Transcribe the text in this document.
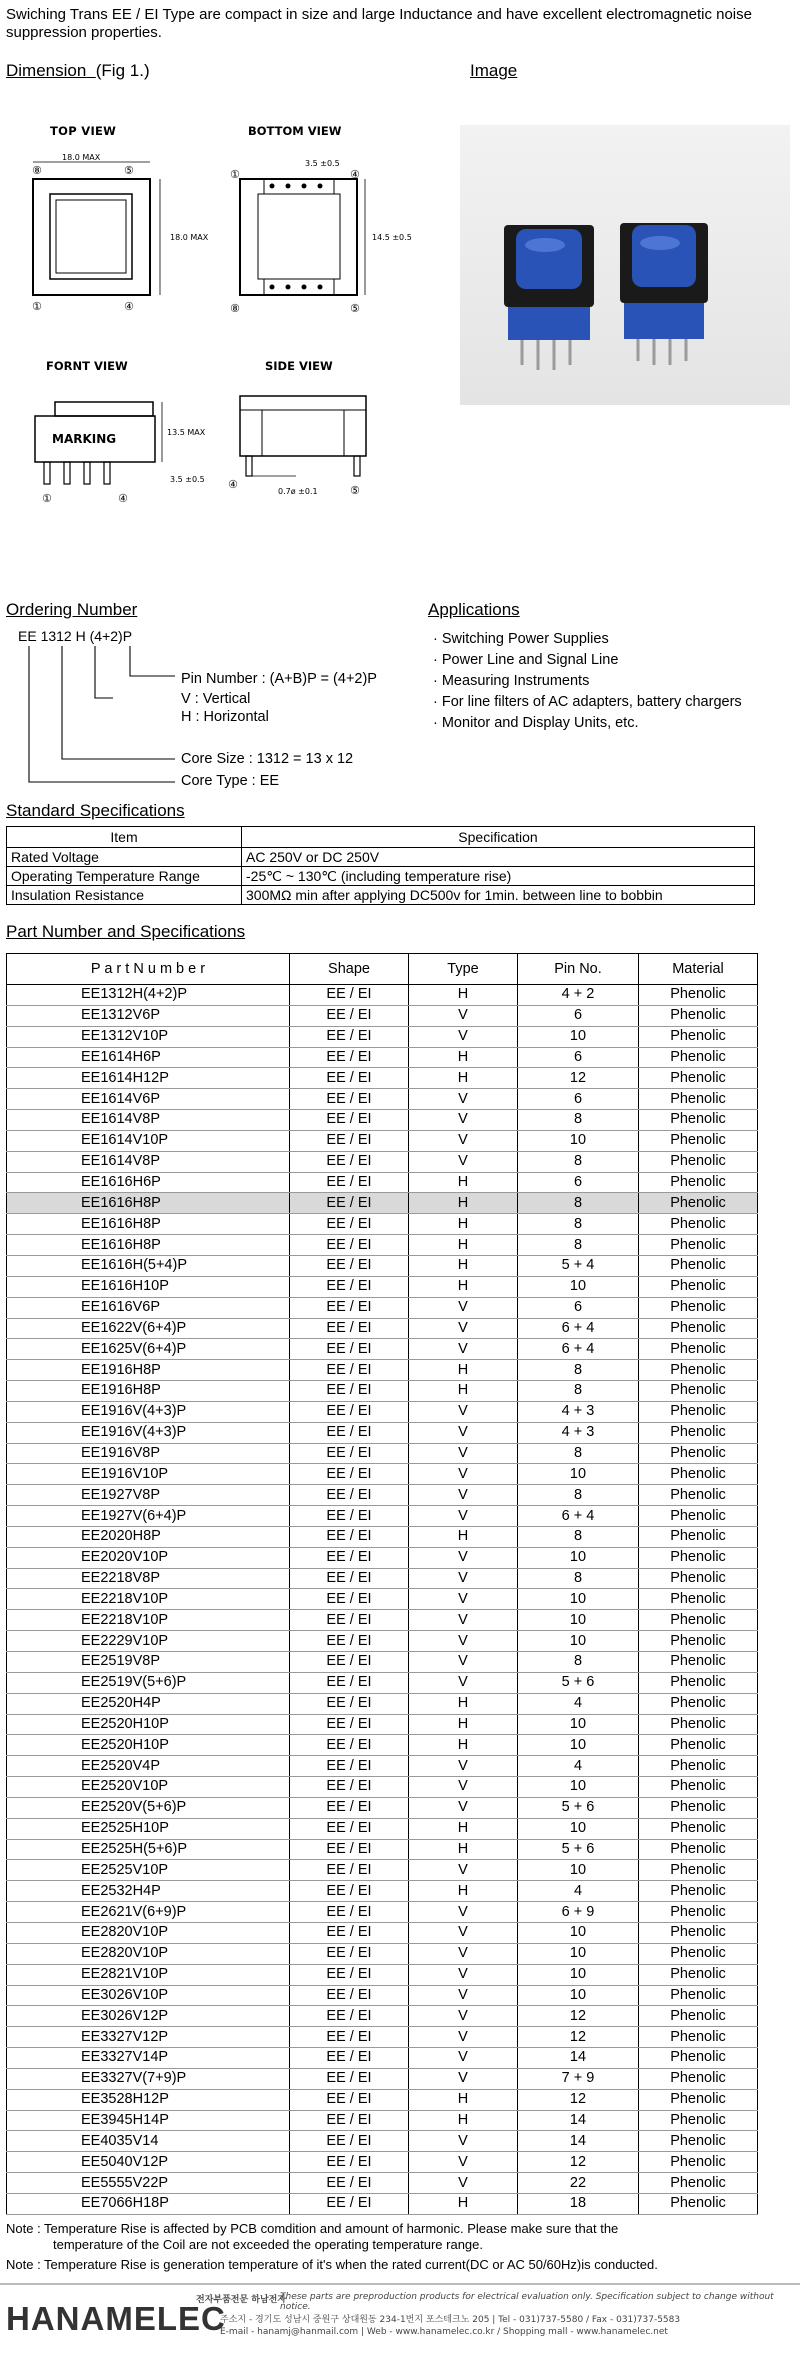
Swiching Trans EE / EI Type are compact in size and large Inductance and have excellent electromagnetic noise suppression properties.
Dimension (Fig 1.)	Image
TOP VIEW
18.0 MAX
18.0 MAX
⑧	⑤
①	④
BOTTOM VIEW
3.5 ±0.5
14.5 ±0.5
①	④
⑧	⑤
FORNT VIEW
MARKING	13.5 MAX
3.5 ±0.5
①	④
SIDE VIEW
0.7ø ±0.1
④	⑤
Ordering Number
EE 1312 H (4+2)P
Pin Number : (A+B)P = (4+2)P
V : Vertical
H : Horizontal
Core Size : 1312 = 13 x 12
Core Type : EE
Applications
· Switching Power Supplies
· Power Line and Signal Line
· Measuring Instruments
· For line filters of AC adapters, battery chargers
· Monitor and Display Units, etc.
Standard Specifications
Item	Specification
Rated Voltage	AC 250V or DC 250V
Operating Temperature Range	-25℃ ~ 130℃ (including temperature rise)
Insulation Resistance	300MΩ min after applying DC500v for 1min. between line to bobbin
Part Number and Specifications
P a r t N u m b e r	Shape	Type	Pin No.	Material
EE1312H(4+2)P	EE / EI	H	4 + 2	Phenolic
EE1312V6P	EE / EI	V	6	Phenolic
EE1312V10P	EE / EI	V	10	Phenolic
EE1614H6P	EE / EI	H	6	Phenolic
EE1614H12P	EE / EI	H	12	Phenolic
EE1614V6P	EE / EI	V	6	Phenolic
EE1614V8P	EE / EI	V	8	Phenolic
EE1614V10P	EE / EI	V	10	Phenolic
EE1614V8P	EE / EI	V	8	Phenolic
EE1616H6P	EE / EI	H	6	Phenolic
EE1616H8P	EE / EI	H	8	Phenolic
EE1616H8P	EE / EI	H	8	Phenolic
EE1616H8P	EE / EI	H	8	Phenolic
EE1616H(5+4)P	EE / EI	H	5 + 4	Phenolic
EE1616H10P	EE / EI	H	10	Phenolic
EE1616V6P	EE / EI	V	6	Phenolic
EE1622V(6+4)P	EE / EI	V	6 + 4	Phenolic
EE1625V(6+4)P	EE / EI	V	6 + 4	Phenolic
EE1916H8P	EE / EI	H	8	Phenolic
EE1916H8P	EE / EI	H	8	Phenolic
EE1916V(4+3)P	EE / EI	V	4 + 3	Phenolic
EE1916V(4+3)P	EE / EI	V	4 + 3	Phenolic
EE1916V8P	EE / EI	V	8	Phenolic
EE1916V10P	EE / EI	V	10	Phenolic
EE1927V8P	EE / EI	V	8	Phenolic
EE1927V(6+4)P	EE / EI	V	6 + 4	Phenolic
EE2020H8P	EE / EI	H	8	Phenolic
EE2020V10P	EE / EI	V	10	Phenolic
EE2218V8P	EE / EI	V	8	Phenolic
EE2218V10P	EE / EI	V	10	Phenolic
EE2218V10P	EE / EI	V	10	Phenolic
EE2229V10P	EE / EI	V	10	Phenolic
EE2519V8P	EE / EI	V	8	Phenolic
EE2519V(5+6)P	EE / EI	V	5 + 6	Phenolic
EE2520H4P	EE / EI	H	4	Phenolic
EE2520H10P	EE / EI	H	10	Phenolic
EE2520H10P	EE / EI	H	10	Phenolic
EE2520V4P	EE / EI	V	4	Phenolic
EE2520V10P	EE / EI	V	10	Phenolic
EE2520V(5+6)P	EE / EI	V	5 + 6	Phenolic
EE2525H10P	EE / EI	H	10	Phenolic
EE2525H(5+6)P	EE / EI	H	5 + 6	Phenolic
EE2525V10P	EE / EI	V	10	Phenolic
EE2532H4P	EE / EI	H	4	Phenolic
EE2621V(6+9)P	EE / EI	V	6 + 9	Phenolic
EE2820V10P	EE / EI	V	10	Phenolic
EE2820V10P	EE / EI	V	10	Phenolic
EE2821V10P	EE / EI	V	10	Phenolic
EE3026V10P	EE / EI	V	10	Phenolic
EE3026V12P	EE / EI	V	12	Phenolic
EE3327V12P	EE / EI	V	12	Phenolic
EE3327V14P	EE / EI	V	14	Phenolic
EE3327V(7+9)P	EE / EI	V	7 + 9	Phenolic
EE3528H12P	EE / EI	H	12	Phenolic
EE3945H14P	EE / EI	H	14	Phenolic
EE4035V14	EE / EI	V	14	Phenolic
EE5040V12P	EE / EI	V	12	Phenolic
EE5555V22P	EE / EI	V	22	Phenolic
EE7066H18P	EE / EI	H	18	Phenolic
Note : Temperature Rise is affected by PCB comdition and amount of harmonic. Please make sure that the
temperature of the Coil are not exceeded the operating temperature range.
Note : Temperature Rise is generation temperature of it's when the rated current(DC or AC 50/60Hz)is conducted.
HANAMELEC
전자부품전문 하남전자
These parts are preproduction products for electrical evaluation only. Specification subject to change without notice.
주소지 - 경기도 성남시 중원구 상대원동 234-1번지 포스테크노 205 | Tel - 031)737-5580 / Fax - 031)737-5583
E-mail - hanamj@hanmail.com | Web - www.hanamelec.co.kr / Shopping mall - www.hanamelec.net
